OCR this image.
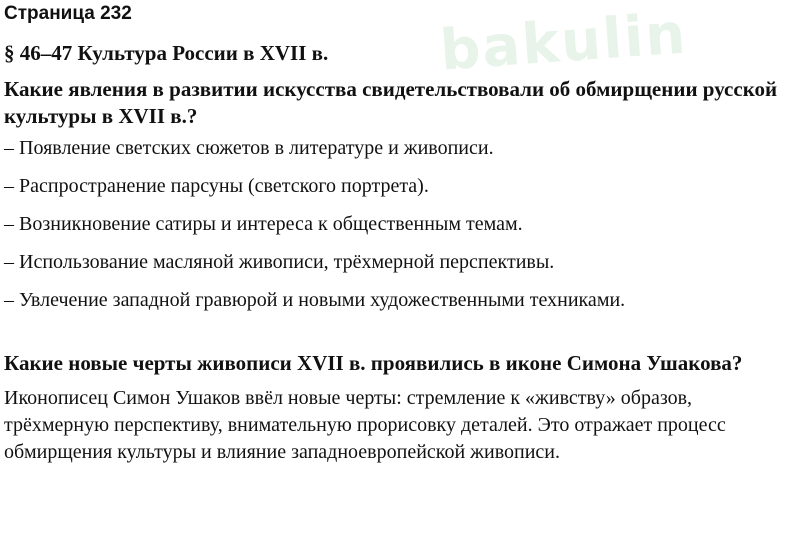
bakulin
Страница 232
§ 46–47 Культура России в XVII в.
Какие явления в развитии искусства свидетельствовали об обмирщении русской культуры в XVII в.?
– Появление светских сюжетов в литературе и живописи.
– Распространение парсуны (светского портрета).
– Возникновение сатиры и интереса к общественным темам.
– Использование масляной живописи, трёхмерной перспективы.
– Увлечение западной гравюрой и новыми художественными техниками.
Какие новые черты живописи XVII в. проявились в иконе Симона Ушакова?
Иконописец Симон Ушаков ввёл новые черты: стремление к «живству» образов, трёхмерную перспективу, внимательную прорисовку деталей. Это отражает процесс обмирщения культуры и влияние западноевропейской живописи.
